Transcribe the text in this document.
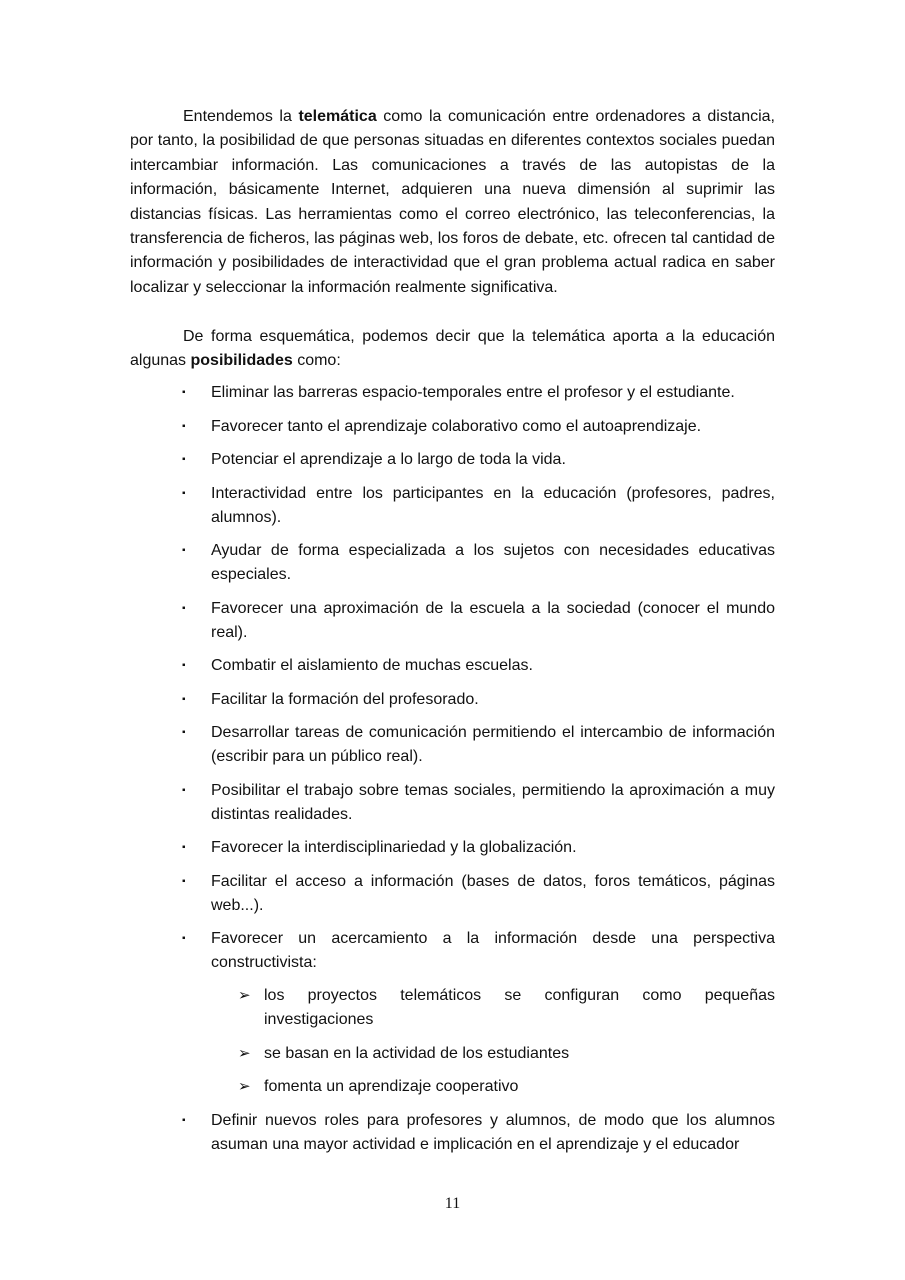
Entendemos la telemática como la comunicación entre ordenadores a distancia, por tanto, la posibilidad de que personas situadas en diferentes contextos sociales puedan intercambiar información. Las comunicaciones a través de las autopistas de la información, básicamente Internet, adquieren una nueva dimensión al suprimir las distancias físicas. Las herramientas como el correo electrónico, las teleconferencias, la transferencia de ficheros, las páginas web, los foros de debate, etc. ofrecen tal cantidad de información y posibilidades de interactividad que el gran problema actual radica en saber localizar y seleccionar la información realmente significativa.

De forma esquemática, podemos decir que la telemática aporta a la educación algunas posibilidades como:

▪ Eliminar las barreras espacio-temporales entre el profesor y el estudiante.
▪ Favorecer tanto el aprendizaje colaborativo como el autoaprendizaje.
▪ Potenciar el aprendizaje a lo largo de toda la vida.
▪ Interactividad entre los participantes en la educación (profesores, padres, alumnos).
▪ Ayudar de forma especializada a los sujetos con necesidades educativas especiales.
▪ Favorecer una aproximación de la escuela a la sociedad (conocer el mundo real).
▪ Combatir el aislamiento de muchas escuelas.
▪ Facilitar la formación del profesorado.
▪ Desarrollar tareas de comunicación permitiendo el intercambio de información (escribir para un público real).
▪ Posibilitar el trabajo sobre temas sociales, permitiendo la aproximación a muy distintas realidades.
▪ Favorecer la interdisciplinariedad y la globalización.
▪ Facilitar el acceso a información (bases de datos, foros temáticos, páginas web...).
▪ Favorecer un acercamiento a la información desde una perspectiva constructivista:
➢ los proyectos telemáticos se configuran como pequeñas investigaciones
➢ se basan en la actividad de los estudiantes
➢ fomenta un aprendizaje cooperativo
▪ Definir nuevos roles para profesores y alumnos, de modo que los alumnos asuman una mayor actividad e implicación en el aprendizaje y el educador
11
